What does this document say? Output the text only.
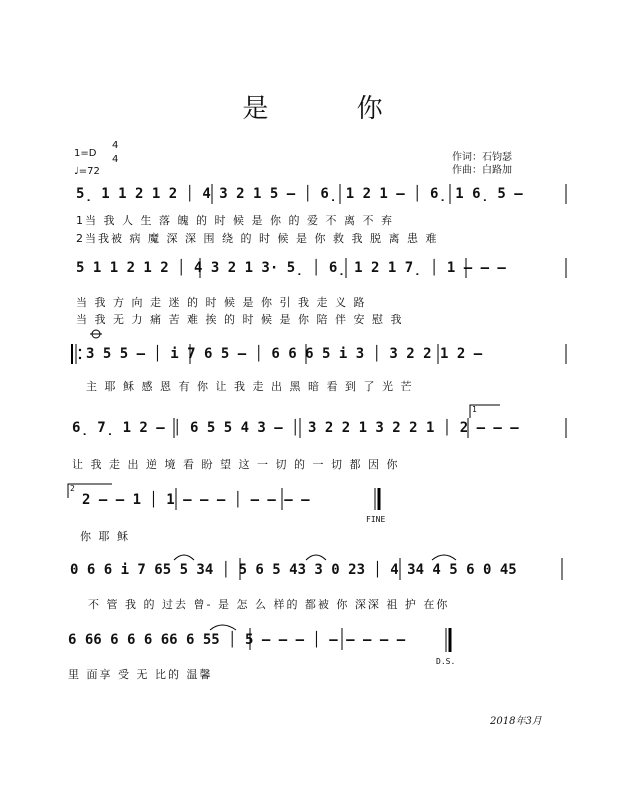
是 你
1=D
4
4
♩=72
作词：石钧瑟
作曲：白路加
5̣ 1 1 2 1 2 │ 4 3 2 1 5 – │ 6̣ 1 2 1 – │ 6̣ 1 6̣ 5 –
1当 我 人 生 落 魄 的 时 候 是 你 的 爱 不 离 不 弃
2当我被 病 魔 深 深 围 绕 的 时 候 是 你 救 我 脱 离 患 难
5 1 1 2 1 2 │ 4 3 2 1 3· 5̣ │ 6̣ 1 2 1 7̣ │ 1 – – –
当 我 方 向 走 迷 的 时 候 是 你 引 我 走 义 路
当 我 无 力 痛 苦 难 挨 的 时 候 是 你 陪 伴 安 慰 我
3 5 5 – │ i 7 6 5 – │ 6 6 6 5 i 3 │ 3 2 2 1 2 –
主 耶 稣 感 恩 有 你 让 我 走 出 黑 暗 看 到 了 光 芒
6̣ 7̣ 1 2 – │ 6 5 5 4 3 – │ 3 2 2 1 3 2 2 1 │ 2 – – –
让 我 走 出 逆 境 看 盼 望 这 一 切 的 一 切 都 因 你
1
2 – – 1 │ 1 – – – │ – – – –
你 耶 稣
FINE
2
0 6 6 i 7 65 5 34 │ 5 6 5 43 3 0 23 │ 4 34 4 5 6 0 45
不 管 我 的 过去 曾- 是 怎 么 样的 都被 你 深深 祖 护 在你
6 66 6 6 6 66 6 55 │ 5 – – – │ – – – – –
里 面享 受 无 比的 温馨
D.S.
2018年3月
